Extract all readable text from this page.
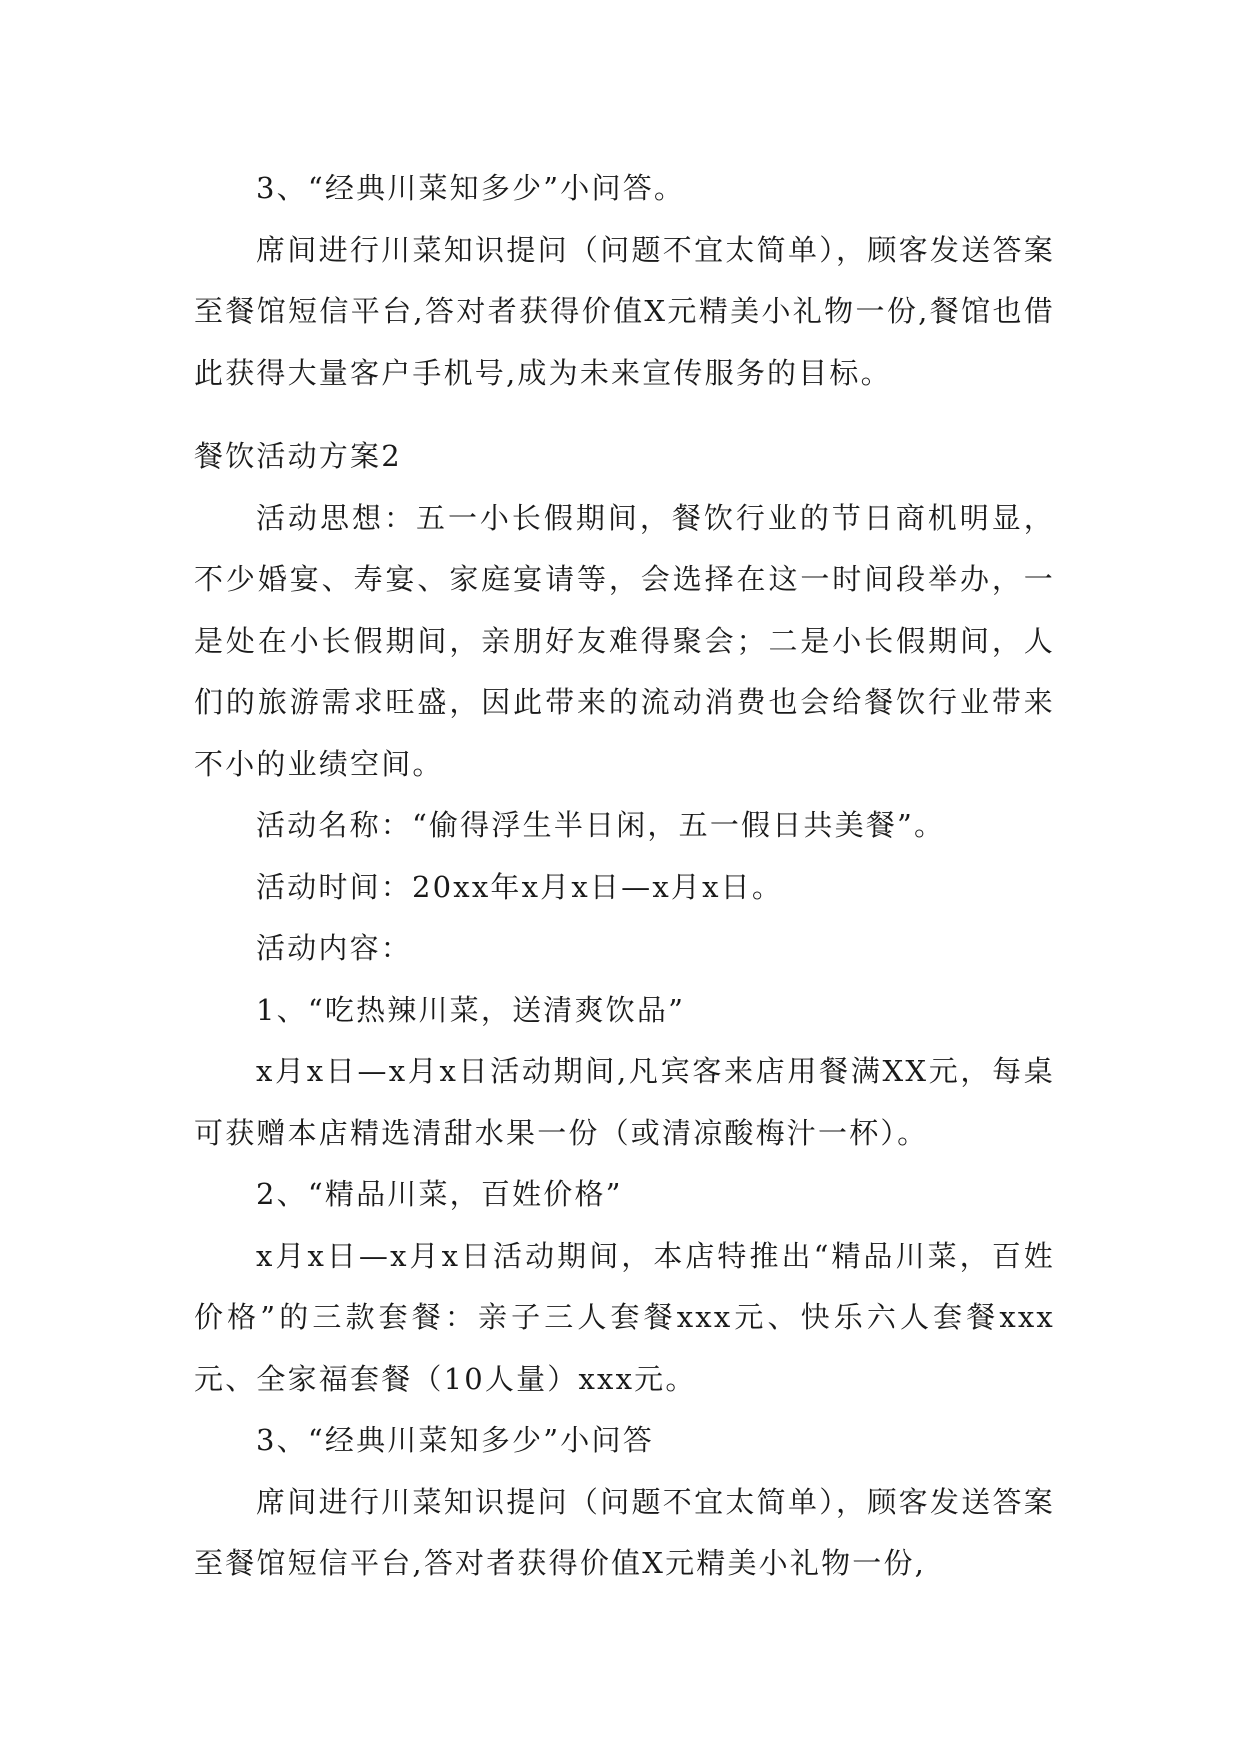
3、“经典川菜知多少”小问答。

席间进行川菜知识提问（问题不宜太简单），顾客发送答案至餐馆短信平台,答对者获得价值X元精美小礼物一份,餐馆也借此获得大量客户手机号,成为未来宣传服务的目标。

餐饮活动方案2

活动思想：五一小长假期间，餐饮行业的节日商机明显，不少婚宴、寿宴、家庭宴请等，会选择在这一时间段举办，一是处在小长假期间，亲朋好友难得聚会；二是小长假期间，人们的旅游需求旺盛，因此带来的流动消费也会给餐饮行业带来不小的业绩空间。

活动名称：“偷得浮生半日闲，五一假日共美餐”。

活动时间：20xx年x月x日—x月x日。

活动内容：

1、“吃热辣川菜，送清爽饮品”

x月x日—x月x日活动期间,凡宾客来店用餐满XX元，每桌可获赠本店精选清甜水果一份（或清凉酸梅汁一杯）。

2、“精品川菜，百姓价格”

x月x日—x月x日活动期间，本店特推出“精品川菜，百姓价格”的三款套餐：亲子三人套餐xxx元、快乐六人套餐xxx元、全家福套餐（10人量）xxx元。

3、“经典川菜知多少”小问答

席间进行川菜知识提问（问题不宜太简单），顾客发送答案至餐馆短信平台,答对者获得价值X元精美小礼物一份,
